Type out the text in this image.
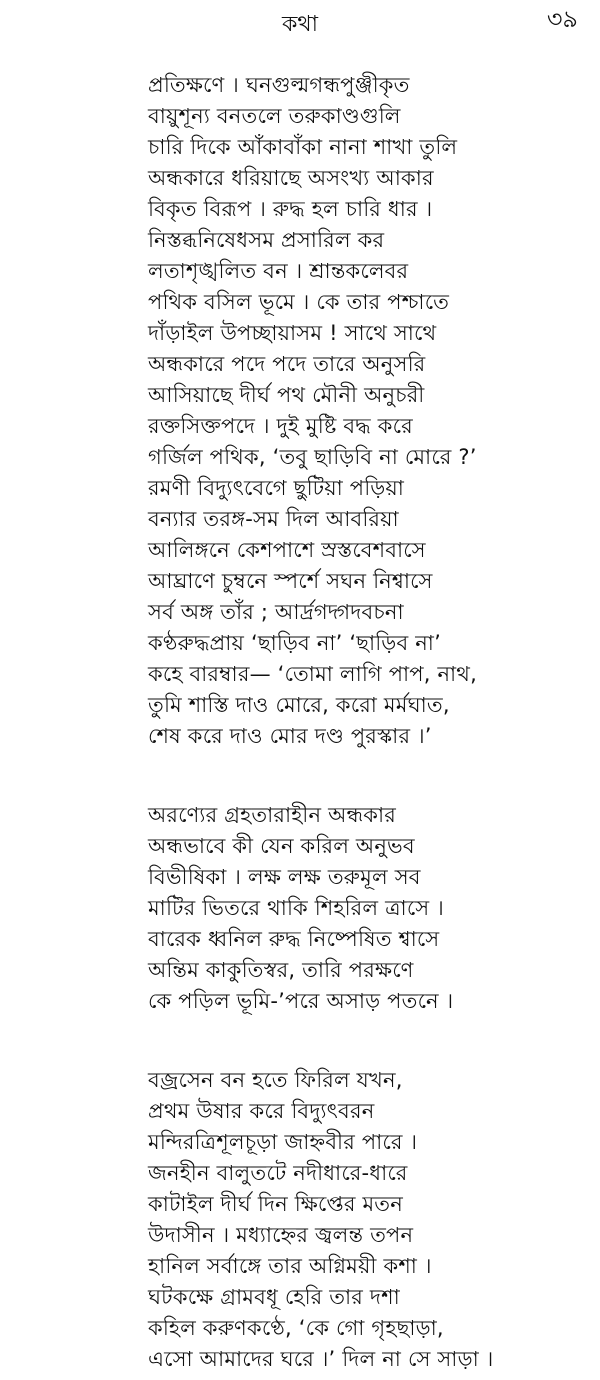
কথা	৩৯
প্রতিক্ষণে । ঘনগুল্মগন্ধপুঞ্জীকৃত
বায়ুশূন্য বনতলে তরুকাণ্ডগুলি
চারি দিকে আঁকাবাঁকা নানা শাখা তুলি
অন্ধকারে ধরিয়াছে অসংখ্য আকার
বিকৃত বিরূপ । রুদ্ধ হল চারি ধার ।
নিস্তব্ধনিষেধসম প্রসারিল কর
লতাশৃঙ্খলিত বন । শ্রান্তকলেবর
পথিক বসিল ভূমে । কে তার পশ্চাতে
দাঁড়াইল উপচ্ছায়াসম ! সাথে সাথে
অন্ধকারে পদে পদে তারে অনুসরি
আসিয়াছে দীর্ঘ পথ মৌনী অনুচরী
রক্তসিক্তপদে । দুই মুষ্টি বদ্ধ করে
গর্জিল পথিক, ‘তবু ছাড়িবি না মোরে ?’
রমণী বিদ্যুৎবেগে ছুটিয়া পড়িয়া
বন্যার তরঙ্গ-সম দিল আবরিয়া
আলিঙ্গনে কেশপাশে স্রস্তবেশবাসে
আঘ্রাণে চুম্বনে স্পর্শে সঘন নিশ্বাসে
সর্ব অঙ্গ তাঁর ; আর্দ্রগদ্গদবচনা
কণ্ঠরুদ্ধপ্রায় ‘ছাড়িব না’ ‘ছাড়িব না’
কহে বারম্বার— ‘তোমা লাগি পাপ, নাথ,
তুমি শাস্তি দাও মোরে, করো মর্মঘাত,
শেষ করে দাও মোর দণ্ড পুরস্কার ।’
অরণ্যের গ্রহতারাহীন অন্ধকার
অন্ধভাবে কী যেন করিল অনুভব
বিভীষিকা । লক্ষ লক্ষ তরুমূল সব
মাটির ভিতরে থাকি শিহরিল ত্রাসে ।
বারেক ধ্বনিল রুদ্ধ নিষ্পেষিত শ্বাসে
অন্তিম কাকুতিস্বর, তারি পরক্ষণে
কে পড়িল ভূমি-’পরে অসাড় পতনে ।
বজ্রসেন বন হতে ফিরিল যখন,
প্রথম উষার করে বিদ্যুৎবরন
মন্দিরত্রিশূলচূড়া জাহ্নবীর পারে ।
জনহীন বালুতটে নদীধারে-ধারে
কাটাইল দীর্ঘ দিন ক্ষিপ্তের মতন
উদাসীন । মধ্যাহ্নের জ্বলন্ত তপন
হানিল সর্বাঙ্গে তার অগ্নিময়ী কশা ।
ঘটকক্ষে গ্রামবধূ হেরি তার দশা
কহিল করুণকণ্ঠে, ‘কে গো গৃহছাড়া,
এসো আমাদের ঘরে ।’ দিল না সে সাড়া ।
